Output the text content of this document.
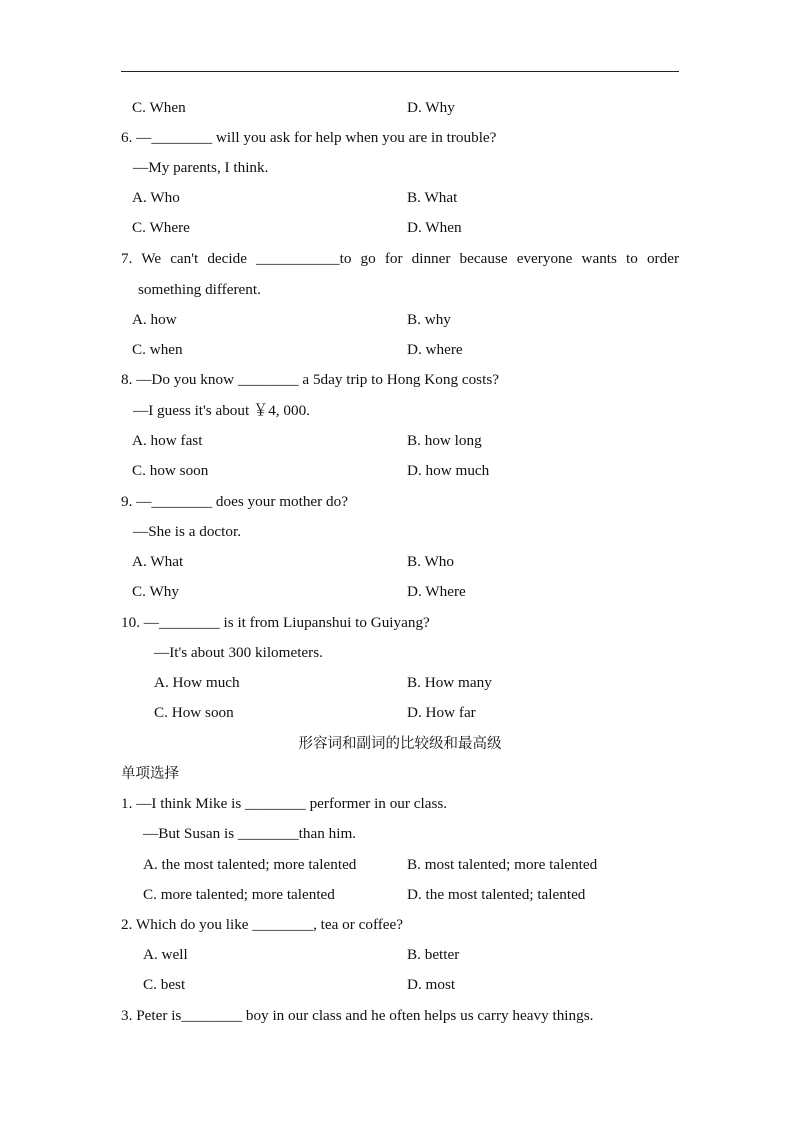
C. When	D. Why
6. —________ will you ask for help when you are in trouble?
—My parents, I think.
A. Who	B. What
C. Where	D. When
7. We can't decide ___________to go for dinner because everyone wants to order
something different.
A. how	B. why
C. when	D. where
8. —Do you know ________ a 5day trip to Hong Kong costs?
—I guess it's about ￥4, 000.
A. how fast	B. how long
C. how soon	D. how much
9. —________ does your mother do?
—She is a doctor.
A. What	B. Who
C. Why	D. Where
10. —________ is it from Liupanshui to Guiyang?
—It's about 300 kilometers.
A. How much	B. How many
C. How soon	D. How far
形容词和副词的比较级和最高级
单项选择
1. —I think Mike is ________ performer in our class.
—But Susan is ________than him.
A. the most talented; more talented	B. most talented; more talented
C. more talented; more talented	D. the most talented; talented
2. Which do you like ________, tea or coffee?
A. well	B. better
C. best	D. most
3. Peter is________ boy in our class and he often helps us carry heavy things.
